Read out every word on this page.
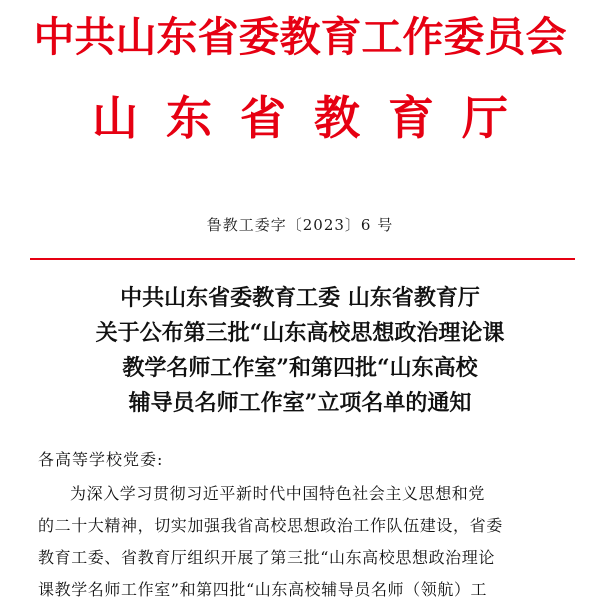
中共山东省委教育工作委员会
山东省教育厅
鲁教工委字〔2023〕6 号
中共山东省委教育工委 山东省教育厅
关于公布第三批“山东高校思想政治理论课
教学名师工作室”和第四批“山东高校
辅导员名师工作室”立项名单的通知
各高等学校党委:
为深入学习贯彻习近平新时代中国特色社会主义思想和党
的二十大精神，切实加强我省高校思想政治工作队伍建设，省委
教育工委、省教育厅组织开展了第三批“山东高校思想政治理论
课教学名师工作室”和第四批“山东高校辅导员名师（领航）工
